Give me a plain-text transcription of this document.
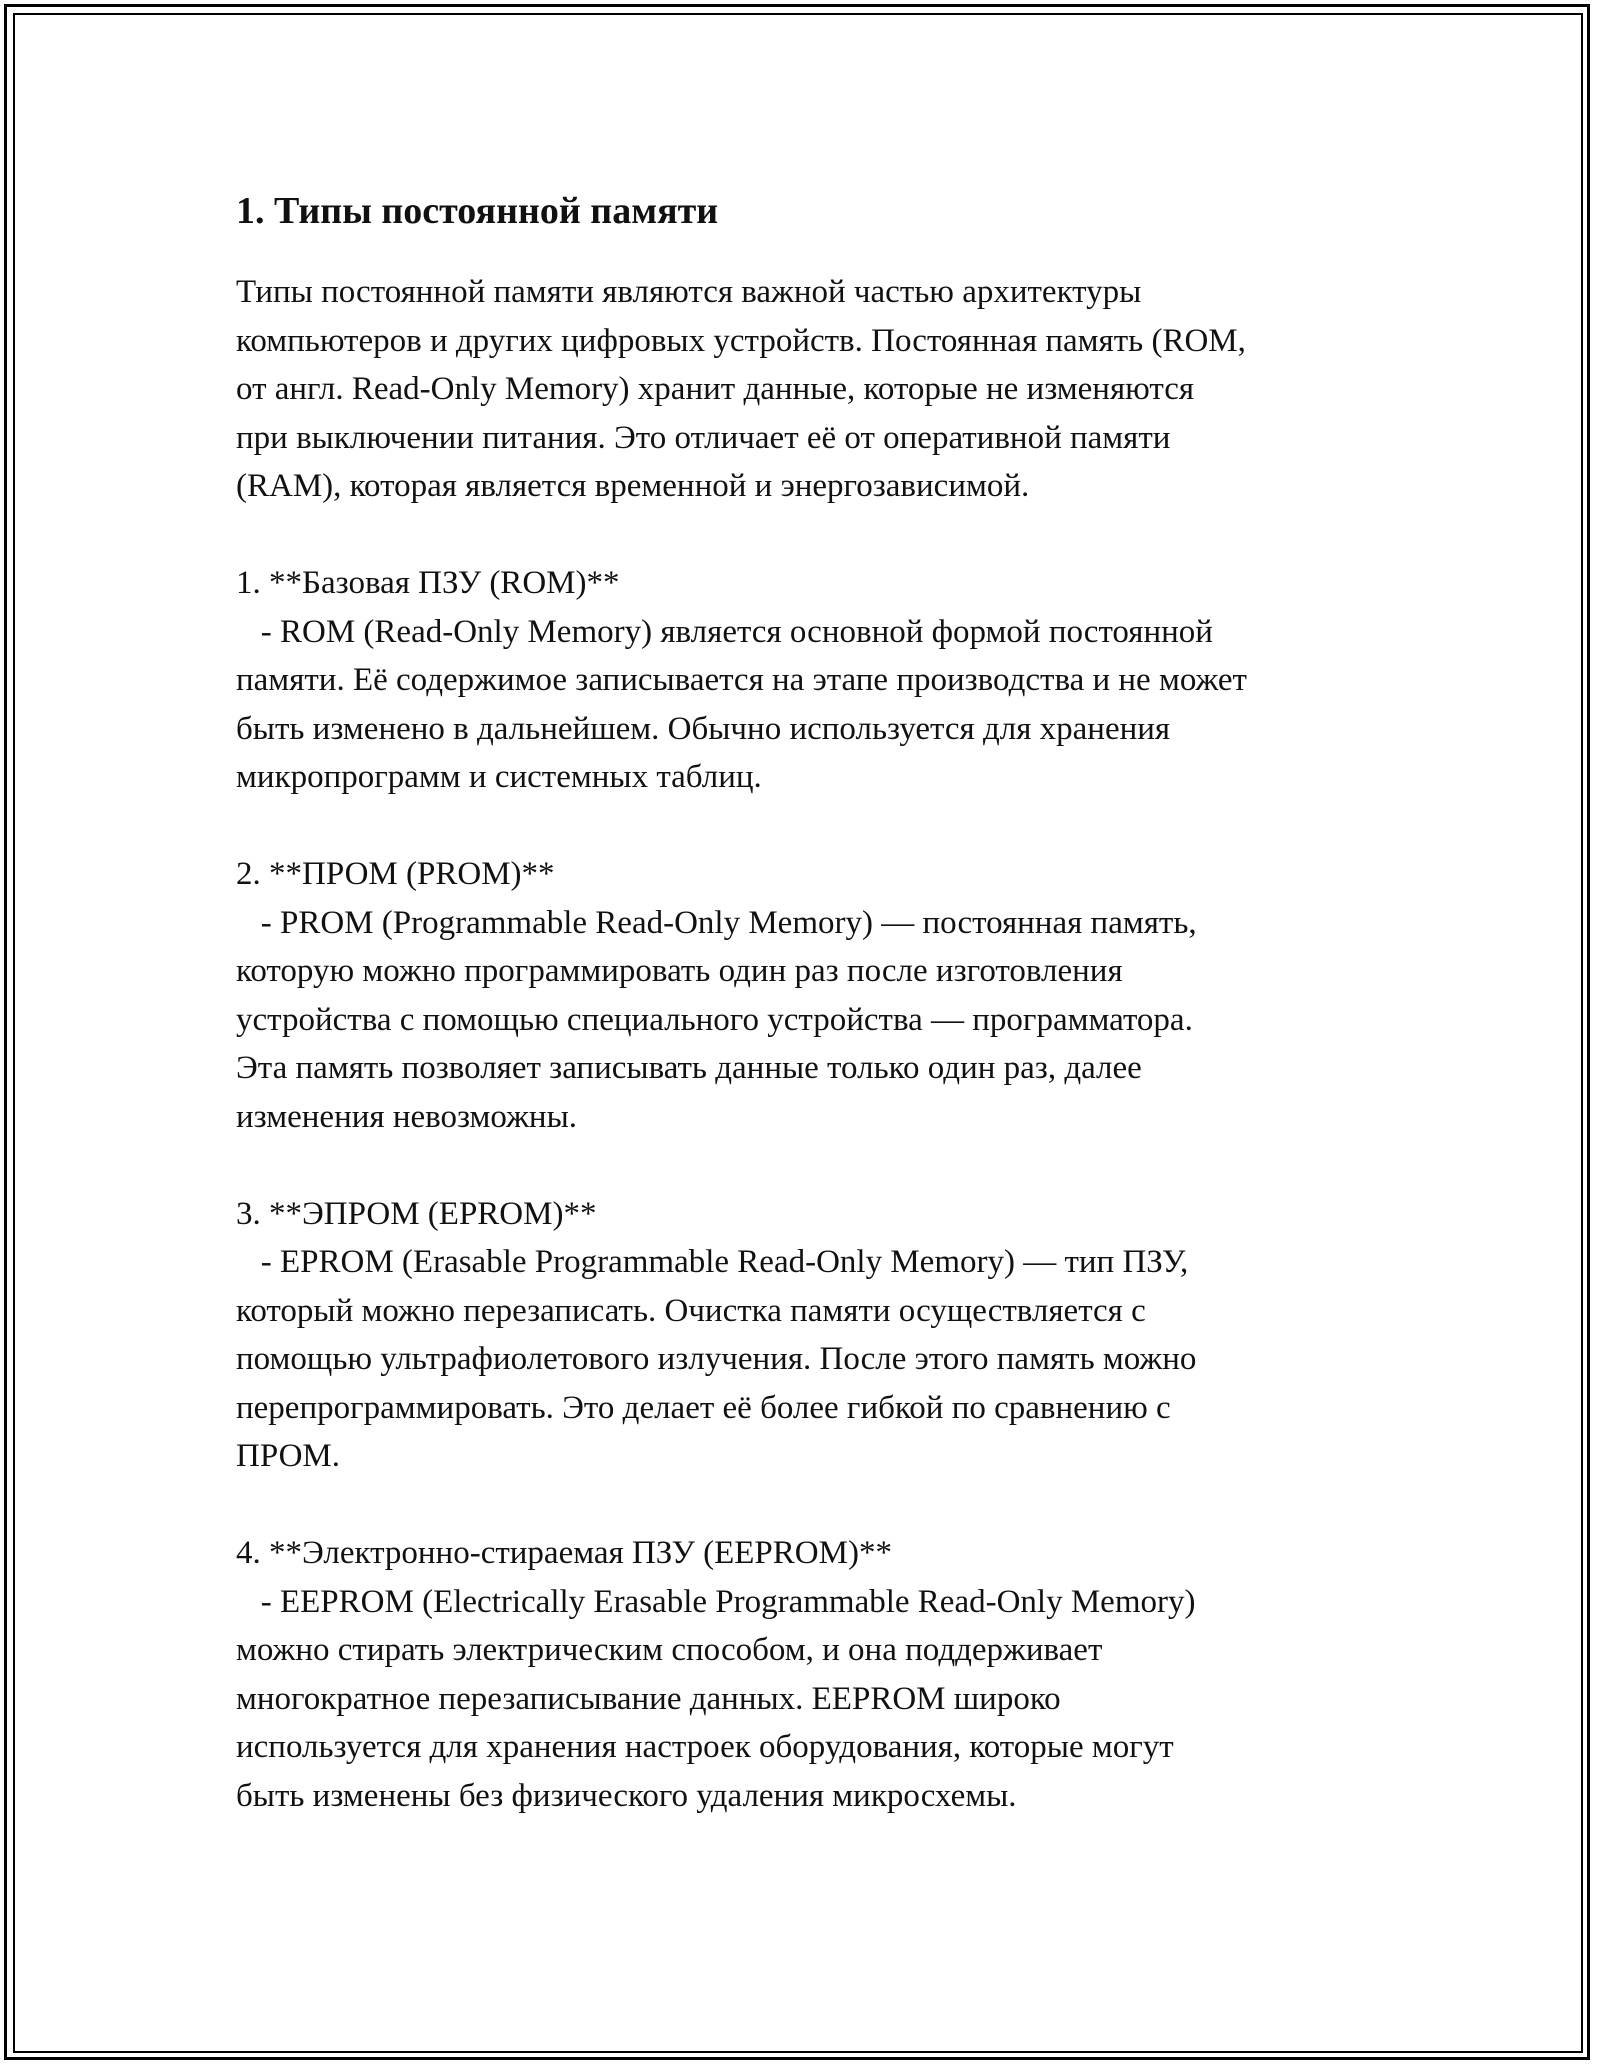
1. Типы постоянной памяти

Типы постоянной памяти являются важной частью архитектуры
компьютеров и других цифровых устройств. Постоянная память (ROM,
от англ. Read-Only Memory) хранит данные, которые не изменяются
при выключении питания. Это отличает её от оперативной памяти
(RAM), которая является временной и энергозависимой.

1. **Базовая ПЗУ (ROM)**

- ROM (Read-Only Memory) является основной формой постоянной
памяти. Её содержимое записывается на этапе производства и не может
быть изменено в дальнейшем. Обычно используется для хранения
микропрограмм и системных таблиц.

2. **ПРОМ (PROM)**

- PROM (Programmable Read-Only Memory) — постоянная память,
которую можно программировать один раз после изготовления
устройства с помощью специального устройства — программатора.
Эта память позволяет записывать данные только один раз, далее
изменения невозможны.

3. **ЭПРОМ (EPROM)**

- EPROM (Erasable Programmable Read-Only Memory) — тип ПЗУ,
который можно перезаписать. Очистка памяти осуществляется с
помощью ультрафиолетового излучения. После этого память можно
перепрограммировать. Это делает её более гибкой по сравнению с
ПРОМ.

4. **Электронно-стираемая ПЗУ (EEPROM)**

- EEPROM (Electrically Erasable Programmable Read-Only Memory)
можно стирать электрическим способом, и она поддерживает
многократное перезаписывание данных. EEPROM широко
используется для хранения настроек оборудования, которые могут
быть изменены без физического удаления микросхемы.
